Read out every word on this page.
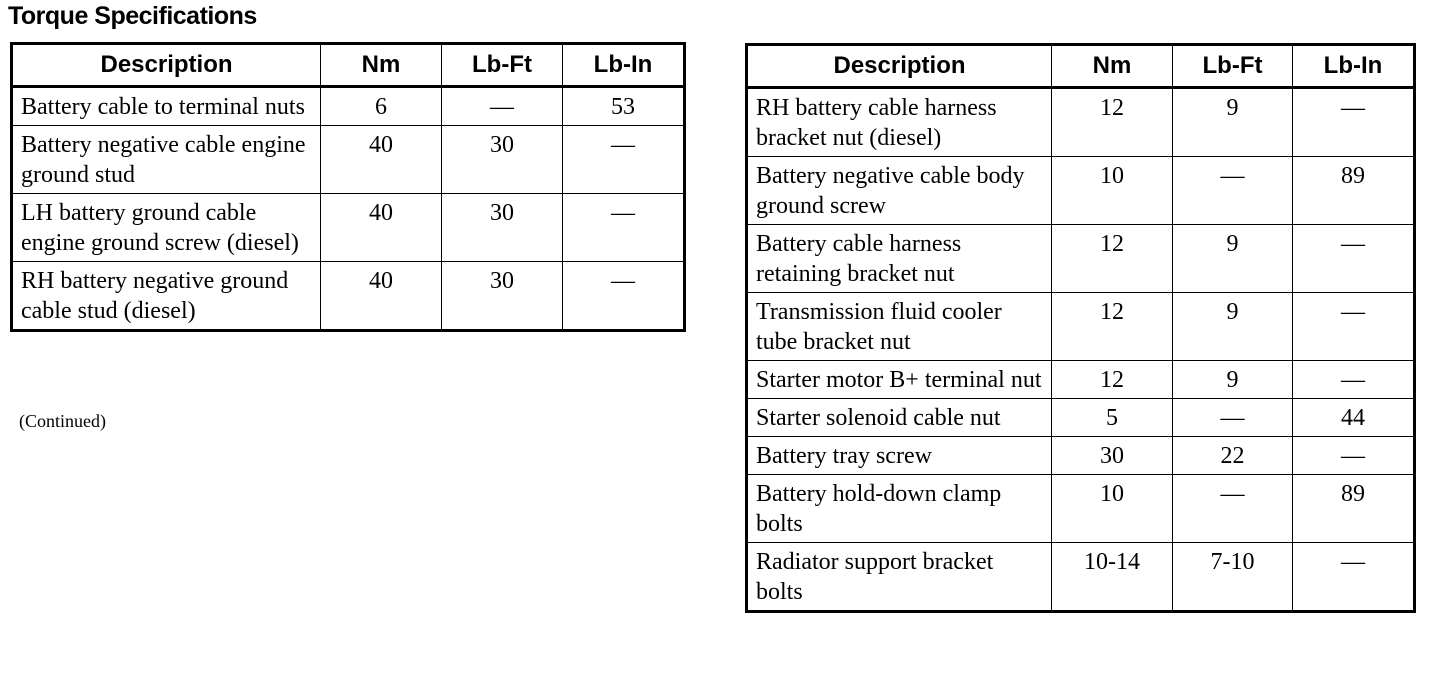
Torque Specifications
Description	Nm	Lb-Ft	Lb-In
Battery cable to terminal nuts	6	—	53
Battery negative cable engine ground stud	40	30	—
LH battery ground cable engine ground screw (diesel)	40	30	—
RH battery negative ground cable stud (diesel)	40	30	—
(Continued)
Description	Nm	Lb-Ft	Lb-In
RH battery cable harness bracket nut (diesel)	12	9	—
Battery negative cable body ground screw	10	—	89
Battery cable harness retaining bracket nut	12	9	—
Transmission fluid cooler tube bracket nut	12	9	—
Starter motor B+ terminal nut	12	9	—
Starter solenoid cable nut	5	—	44
Battery tray screw	30	22	—
Battery hold-down clamp bolts	10	—	89
Radiator support bracket bolts	10-14	7-10	—
